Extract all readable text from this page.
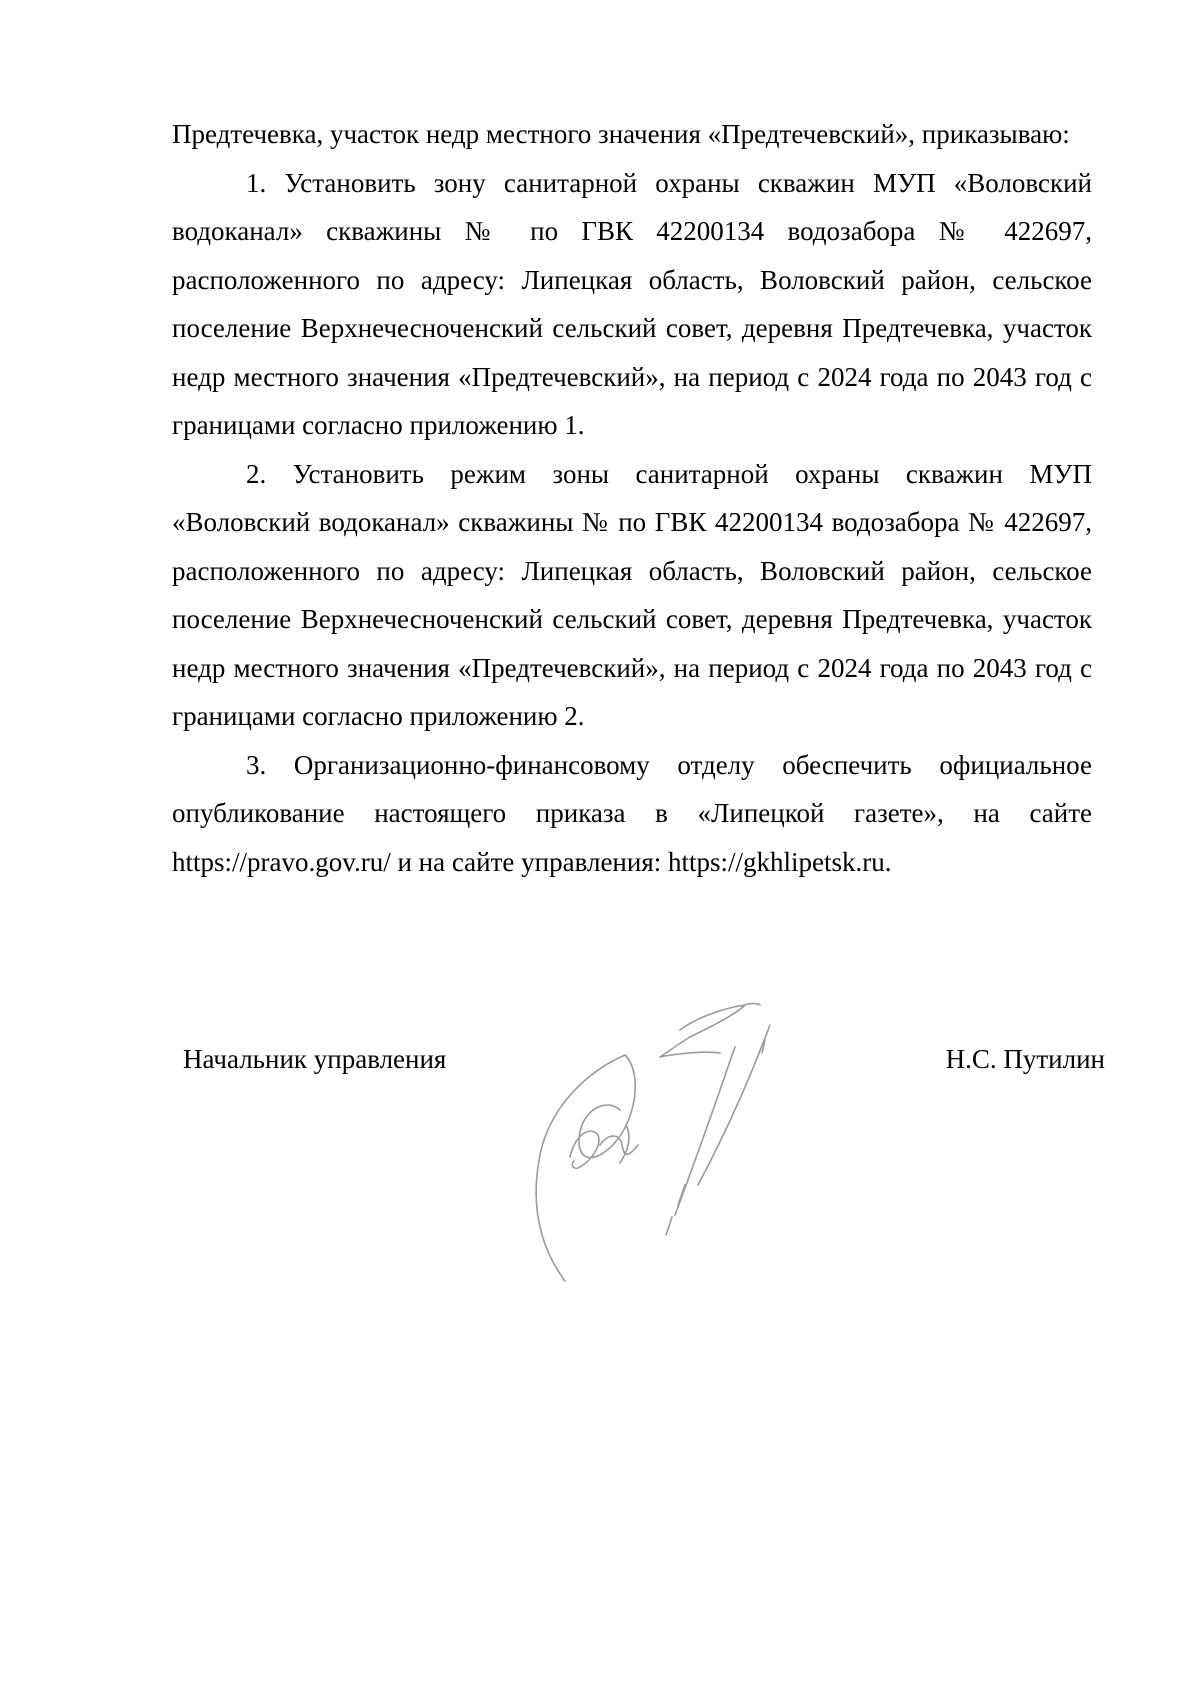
Предтечевка, участок недр местного значения «Предтечевский», приказываю:

1. Установить зону санитарной охраны скважин МУП «Воловский водоканал» скважины № по ГВК 42200134 водозабора № 422697, расположенного по адресу: Липецкая область, Воловский район, сельское поселение Верхнечесноченский сельский совет, деревня Предтечевка, участок недр местного значения «Предтечевский», на период с 2024 года по 2043 год с границами согласно приложению 1.

2. Установить режим зоны санитарной охраны скважин МУП «Воловский водоканал» скважины № по ГВК 42200134 водозабора № 422697, расположенного по адресу: Липецкая область, Воловский район, сельское поселение Верхнечесноченский сельский совет, деревня Предтечевка, участок недр местного значения «Предтечевский», на период с 2024 года по 2043 год с границами согласно приложению 2.

3. Организационно-финансовому отделу обеспечить официальное опубликование настоящего приказа в «Липецкой газете», на сайте https://pravo.gov.ru/ и на сайте управления: https://gkhlipetsk.ru.

Начальник управления	Н.С. Путилин
